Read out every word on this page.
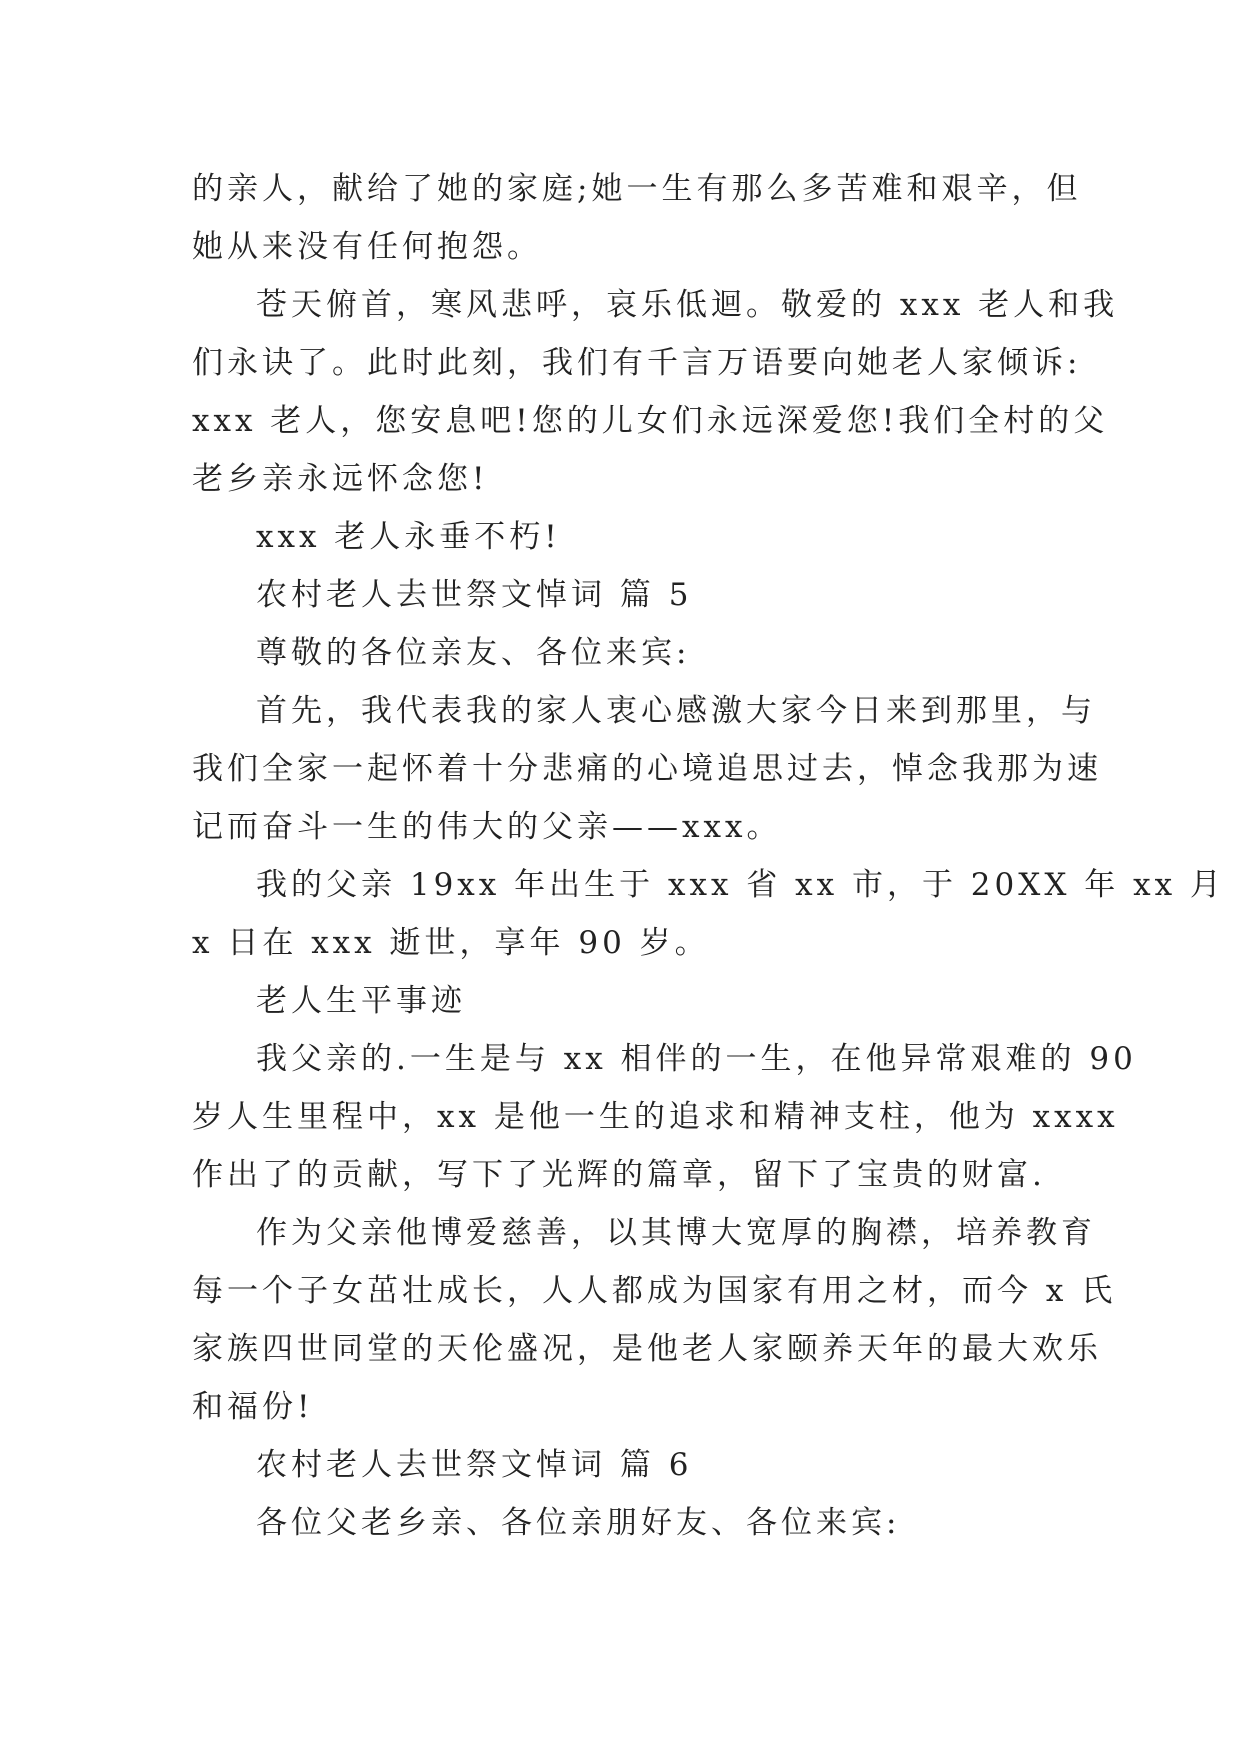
的亲人，献给了她的家庭;她一生有那么多苦难和艰辛，但
她从来没有任何抱怨。
苍天俯首，寒风悲呼，哀乐低迴。敬爱的 xxx 老人和我
们永诀了。此时此刻，我们有千言万语要向她老人家倾诉:
xxx 老人，您安息吧!您的儿女们永远深爱您!我们全村的父
老乡亲永远怀念您!
xxx 老人永垂不朽!
农村老人去世祭文悼词 篇 5
尊敬的各位亲友、各位来宾:
首先，我代表我的家人衷心感激大家今日来到那里，与
我们全家一起怀着十分悲痛的心境追思过去，悼念我那为速
记而奋斗一生的伟大的父亲——xxx。
我的父亲 19xx 年出生于 xxx 省 xx 市，于 20XX 年 xx 月
x 日在 xxx 逝世，享年 90 岁。
老人生平事迹
我父亲的.一生是与 xx 相伴的一生，在他异常艰难的 90
岁人生里程中，xx 是他一生的追求和精神支柱，他为 xxxx
作出了的贡献，写下了光辉的篇章，留下了宝贵的财富.
作为父亲他博爱慈善，以其博大宽厚的胸襟，培养教育
每一个子女茁壮成长，人人都成为国家有用之材，而今 x 氏
家族四世同堂的天伦盛况，是他老人家颐养天年的最大欢乐
和福份!
农村老人去世祭文悼词 篇 6
各位父老乡亲、各位亲朋好友、各位来宾:
